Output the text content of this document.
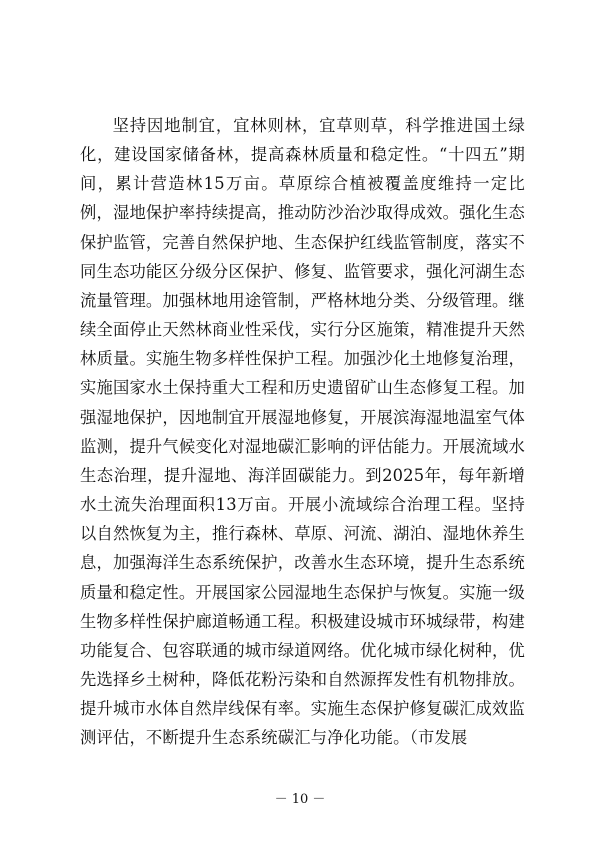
坚持因地制宜，宜林则林，宜草则草，科学推进国土绿化，建设国家储备林，提高森林质量和稳定性。“十四五”期间，累计营造林15万亩。草原综合植被覆盖度维持一定比例，湿地保护率持续提高，推动防沙治沙取得成效。强化生态保护监管，完善自然保护地、生态保护红线监管制度，落实不同生态功能区分级分区保护、修复、监管要求，强化河湖生态流量管理。加强林地用途管制，严格林地分类、分级管理。继续全面停止天然林商业性采伐，实行分区施策，精准提升天然林质量。实施生物多样性保护工程。加强沙化土地修复治理，实施国家水土保持重大工程和历史遗留矿山生态修复工程。加强湿地保护，因地制宜开展湿地修复，开展滨海湿地温室气体监测，提升气候变化对湿地碳汇影响的评估能力。开展流域水生态治理，提升湿地、海洋固碳能力。到2025年，每年新增水土流失治理面积13万亩。开展小流域综合治理工程。坚持以自然恢复为主，推行森林、草原、河流、湖泊、湿地休养生息，加强海洋生态系统保护，改善水生态环境，提升生态系统质量和稳定性。开展国家公园湿地生态保护与恢复。实施一级生物多样性保护廊道畅通工程。积极建设城市环城绿带，构建功能复合、包容联通的城市绿道网络。优化城市绿化树种，优先选择乡土树种，降低花粉污染和自然源挥发性有机物排放。提升城市水体自然岸线保有率。实施生态保护修复碳汇成效监测评估，不断提升生态系统碳汇与净化功能。（市发展

－ 10 －
